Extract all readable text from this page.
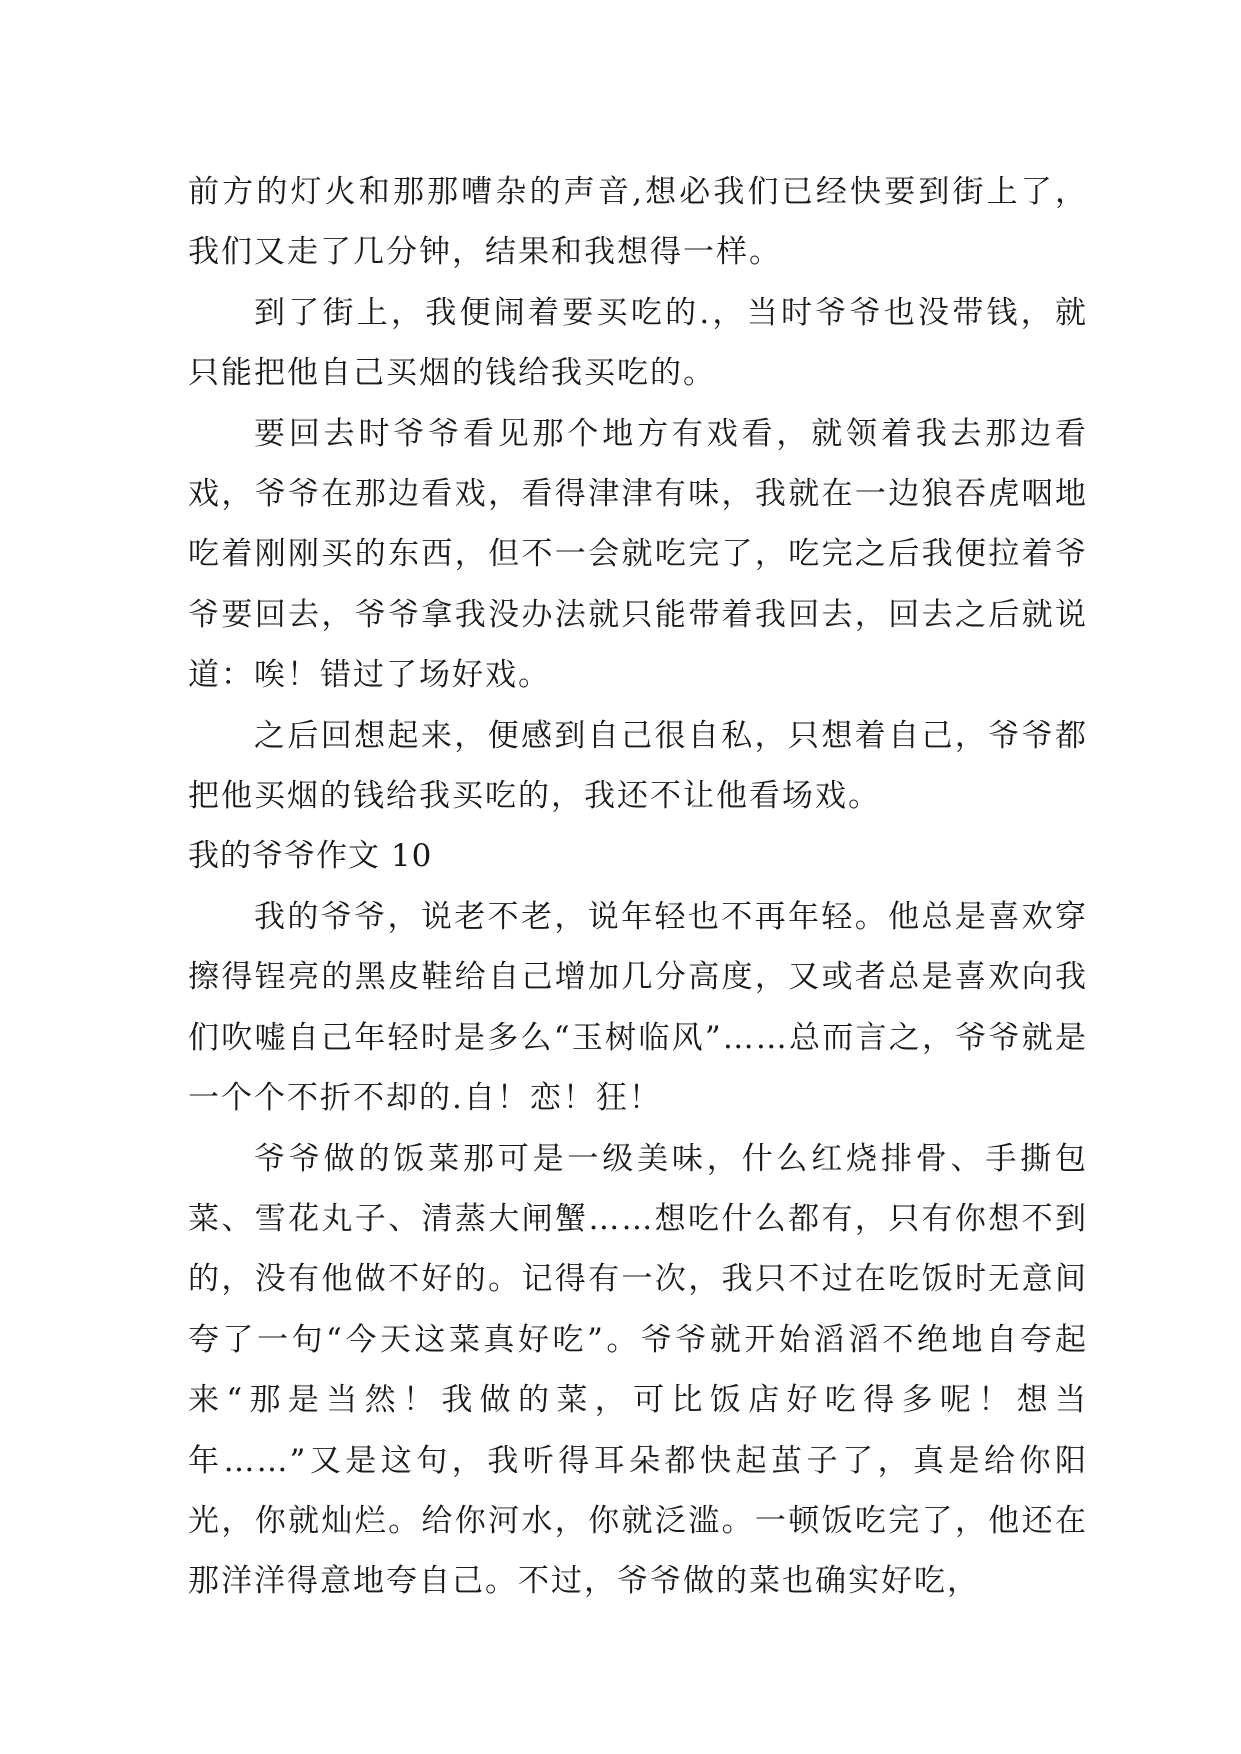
前方的灯火和那那嘈杂的声音,想必我们已经快要到街上了，我们又走了几分钟，结果和我想得一样。

到了街上，我便闹着要买吃的.，当时爷爷也没带钱，就只能把他自己买烟的钱给我买吃的。

要回去时爷爷看见那个地方有戏看，就领着我去那边看戏，爷爷在那边看戏，看得津津有味，我就在一边狼吞虎咽地吃着刚刚买的东西，但不一会就吃完了，吃完之后我便拉着爷爷要回去，爷爷拿我没办法就只能带着我回去，回去之后就说道：唉！错过了场好戏。

之后回想起来，便感到自己很自私，只想着自己，爷爷都把他买烟的钱给我买吃的，我还不让他看场戏。

我的爷爷作文 10

我的爷爷，说老不老，说年轻也不再年轻。他总是喜欢穿擦得锃亮的黑皮鞋给自己增加几分高度，又或者总是喜欢向我们吹嘘自己年轻时是多么“玉树临风”……总而言之，爷爷就是一个个不折不却的.自！恋！狂！

爷爷做的饭菜那可是一级美味，什么红烧排骨、手撕包菜、雪花丸子、清蒸大闸蟹……想吃什么都有，只有你想不到的，没有他做不好的。记得有一次，我只不过在吃饭时无意间夸了一句“今天这菜真好吃”。爷爷就开始滔滔不绝地自夸起来“那是当然！我做的菜，可比饭店好吃得多呢！想当年……”又是这句，我听得耳朵都快起茧子了，真是给你阳光，你就灿烂。给你河水，你就泛滥。一顿饭吃完了，他还在那洋洋得意地夸自己。不过，爷爷做的菜也确实好吃，
